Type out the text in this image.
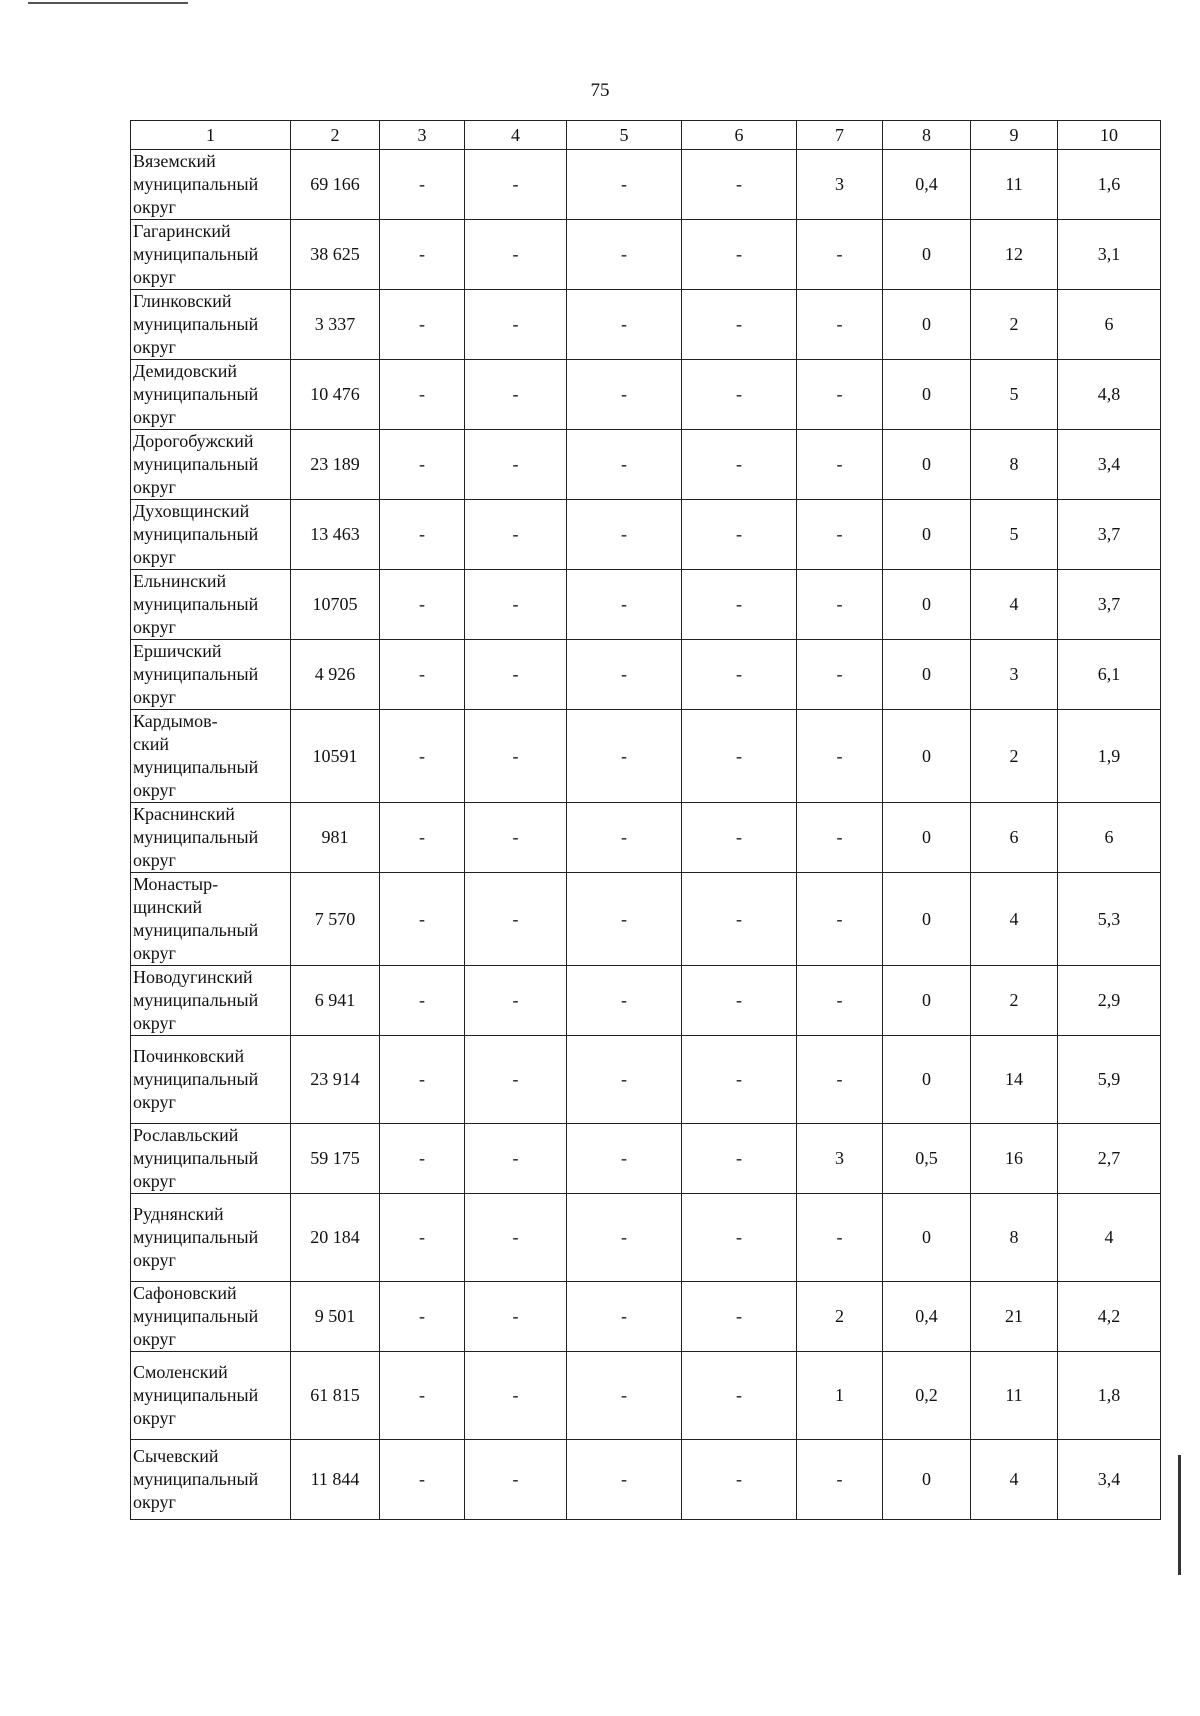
75
1	2	3	4	5	6	7	8	9	10
Вяземский
муниципальный
округ	69 166	-	-	-	-	3	0,4	11	1,6
Гагаринский
муниципальный
округ	38 625	-	-	-	-	-	0	12	3,1
Глинковский
муниципальный
округ	3 337	-	-	-	-	-	0	2	6
Демидовский
муниципальный
округ	10 476	-	-	-	-	-	0	5	4,8
Дорогобужский
муниципальный
округ	23 189	-	-	-	-	-	0	8	3,4
Духовщинский
муниципальный
округ	13 463	-	-	-	-	-	0	5	3,7
Ельнинский
муниципальный
округ	10705	-	-	-	-	-	0	4	3,7
Ершичский
муниципальный
округ	4 926	-	-	-	-	-	0	3	6,1
Кардымов-
ский
муниципальный
округ	10591	-	-	-	-	-	0	2	1,9
Краснинский
муниципальный
округ	981	-	-	-	-	-	0	6	6
Монастыр-
щинский
муниципальный
округ	7 570	-	-	-	-	-	0	4	5,3
Новодугинский
муниципальный
округ	6 941	-	-	-	-	-	0	2	2,9
Починковский
муниципальный
округ	23 914	-	-	-	-	-	0	14	5,9
Рославльский
муниципальный
округ	59 175	-	-	-	-	3	0,5	16	2,7
Руднянский
муниципальный
округ	20 184	-	-	-	-	-	0	8	4
Сафоновский
муниципальный
округ	9 501	-	-	-	-	2	0,4	21	4,2
Смоленский
муниципальный
округ	61 815	-	-	-	-	1	0,2	11	1,8
Сычевский
муниципальный
округ	11 844	-	-	-	-	-	0	4	3,4
